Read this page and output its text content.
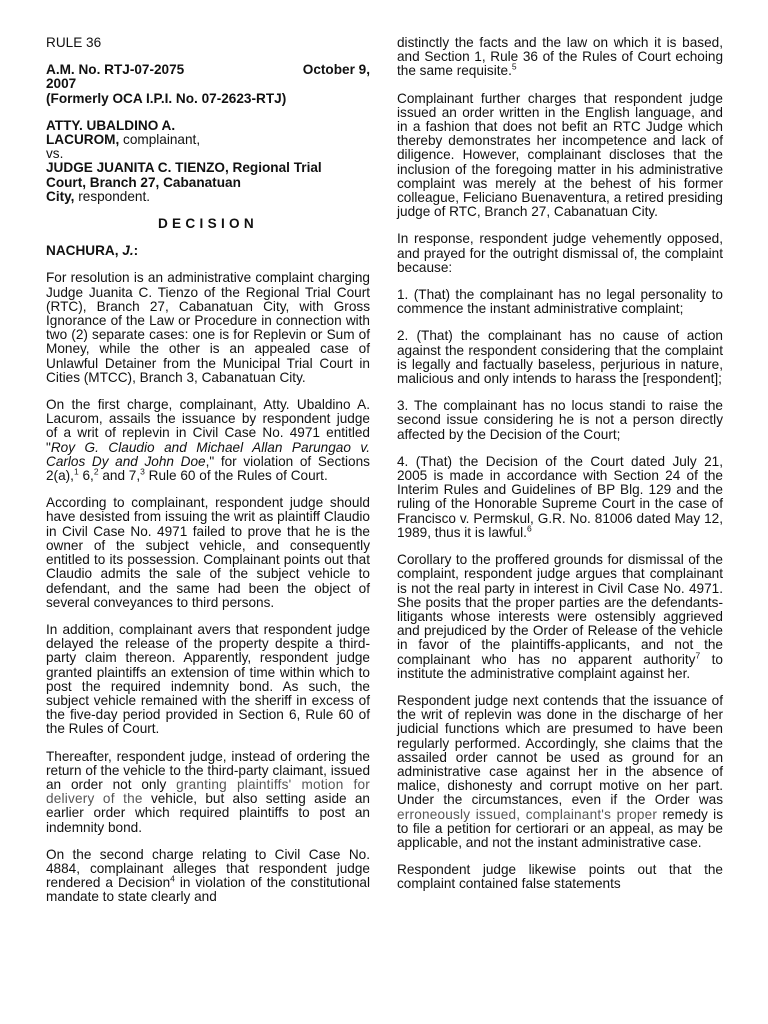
RULE 36

A.M. No. RTJ-07-2075	October 9,

2007

(Formerly OCA I.P.I. No. 07-2623-RTJ)

ATTY. UBALDINO A.
LACUROM, complainant,
vs.
JUDGE JUANITA C. TIENZO, Regional Trial
Court, Branch 27, Cabanatuan
City, respondent.

DECISION

NACHURA, J.:

For resolution is an administrative complaint charging Judge Juanita C. Tienzo of the Regional Trial Court (RTC), Branch 27, Cabanatuan City, with Gross Ignorance of the Law or Procedure in connection with two (2) separate cases: one is for Replevin or Sum of Money, while the other is an appealed case of Unlawful Detainer from the Municipal Trial Court in Cities (MTCC), Branch 3, Cabanatuan City.

On the first charge, complainant, Atty. Ubaldino A. Lacurom, assails the issuance by respondent judge of a writ of replevin in Civil Case No. 4971 entitled "Roy G. Claudio and Michael Allan Parungao v. Carlos Dy and John Doe," for violation of Sections 2(a),$^1$ 6,$^2$ and 7,$^3$ Rule 60 of the Rules of Court.

According to complainant, respondent judge should have desisted from issuing the writ as plaintiff Claudio in Civil Case No. 4971 failed to prove that he is the owner of the subject vehicle, and consequently entitled to its possession. Complainant points out that Claudio admits the sale of the subject vehicle to defendant, and the same had been the object of several conveyances to third persons.

In addition, complainant avers that respondent judge delayed the release of the property despite a third-party claim thereon. Apparently, respondent judge granted plaintiffs an extension of time within which to post the required indemnity bond. As such, the subject vehicle remained with the sheriff in excess of the five-day period provided in Section 6, Rule 60 of the Rules of Court.

Thereafter, respondent judge, instead of ordering the return of the vehicle to the third-party claimant, issued an order not only granting plaintiffs' motion for delivery of the vehicle, but also setting aside an earlier order which required plaintiffs to post an indemnity bond.

On the second charge relating to Civil Case No. 4884, complainant alleges that respondent judge rendered a Decision$^4$ in violation of the constitutional mandate to state clearly and

distinctly the facts and the law on which it is based, and Section 1, Rule 36 of the Rules of Court echoing the same requisite.$^5$

Complainant further charges that respondent judge issued an order written in the English language, and in a fashion that does not befit an RTC Judge which thereby demonstrates her incompetence and lack of diligence. However, complainant discloses that the inclusion of the foregoing matter in his administrative complaint was merely at the behest of his former colleague, Feliciano Buenaventura, a retired presiding judge of RTC, Branch 27, Cabanatuan City.

In response, respondent judge vehemently opposed, and prayed for the outright dismissal of, the complaint because:

1. (That) the complainant has no legal personality to commence the instant administrative complaint;

2. (That) the complainant has no cause of action against the respondent considering that the complaint is legally and factually baseless, perjurious in nature, malicious and only intends to harass the [respondent];

3. The complainant has no locus standi to raise the second issue considering he is not a person directly affected by the Decision of the Court;

4. (That) the Decision of the Court dated July 21, 2005 is made in accordance with Section 24 of the Interim Rules and Guidelines of BP Blg. 129 and the ruling of the Honorable Supreme Court in the case of Francisco v. Permskul, G.R. No. 81006 dated May 12, 1989, thus it is lawful.$^6$

Corollary to the proffered grounds for dismissal of the complaint, respondent judge argues that complainant is not the real party in interest in Civil Case No. 4971. She posits that the proper parties are the defendants-litigants whose interests were ostensibly aggrieved and prejudiced by the Order of Release of the vehicle in favor of the plaintiffs-applicants, and not the complainant who has no apparent authority$^7$ to institute the administrative complaint against her.

Respondent judge next contends that the issuance of the writ of replevin was done in the discharge of her judicial functions which are presumed to have been regularly performed. Accordingly, she claims that the assailed order cannot be used as ground for an administrative case against her in the absence of malice, dishonesty and corrupt motive on her part. Under the circumstances, even if the Order was erroneously issued, complainant's proper remedy is to file a petition for certiorari or an appeal, as may be applicable, and not the instant administrative case.

Respondent judge likewise points out that the complaint contained false statements
